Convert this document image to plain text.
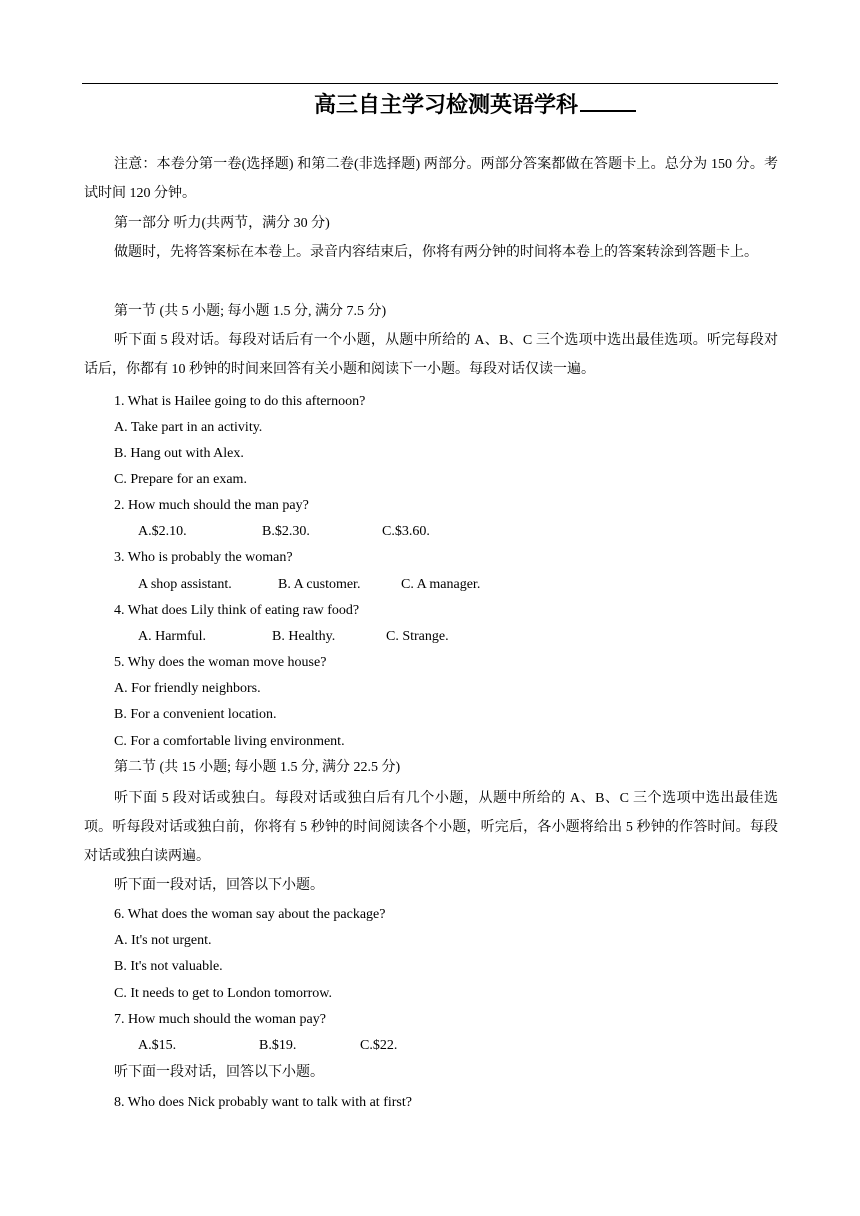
高三自主学习检测英语学科
注意：本卷分第一卷(选择题) 和第二卷(非选择题) 两部分。两部分答案都做在答题卡上。总分为 150 分。考试时间 120 分钟。
第一部分 听力(共两节，满分 30 分)
做题时，先将答案标在本卷上。录音内容结束后，你将有两分钟的时间将本卷上的答案转涂到答题卡上。
第一节 (共 5 小题; 每小题 1.5 分, 满分 7.5 分)
听下面 5 段对话。每段对话后有一个小题，从题中所给的 A、B、C 三个选项中选出最佳选项。听完每段对话后，你都有 10 秒钟的时间来回答有关小题和阅读下一小题。每段对话仅读一遍。
1. What is Hailee going to do this afternoon?
A. Take part in an activity.
B. Hang out with Alex.
C. Prepare for an exam.
2. How much should the man pay?
A.$2.10.	B.$2.30.	C.$3.60.
3. Who is probably the woman?
A shop assistant.	B. A customer.	C. A manager.
4. What does Lily think of eating raw food?
A. Harmful.	B. Healthy.	C. Strange.
5. Why does the woman move house?
A. For friendly neighbors.
B. For a convenient location.
C. For a comfortable living environment.
第二节 (共 15 小题; 每小题 1.5 分, 满分 22.5 分)
听下面 5 段对话或独白。每段对话或独白后有几个小题，从题中所给的 A、B、C 三个选项中选出最佳选项。听每段对话或独白前，你将有 5 秒钟的时间阅读各个小题，听完后，各小题将给出 5 秒钟的作答时间。每段对话或独白读两遍。
听下面一段对话，回答以下小题。
6. What does the woman say about the package?
A. It's not urgent.
B. It's not valuable.
C. It needs to get to London tomorrow.
7. How much should the woman pay?
A.$15.	B.$19.	C.$22.
听下面一段对话，回答以下小题。
8. Who does Nick probably want to talk with at first?
